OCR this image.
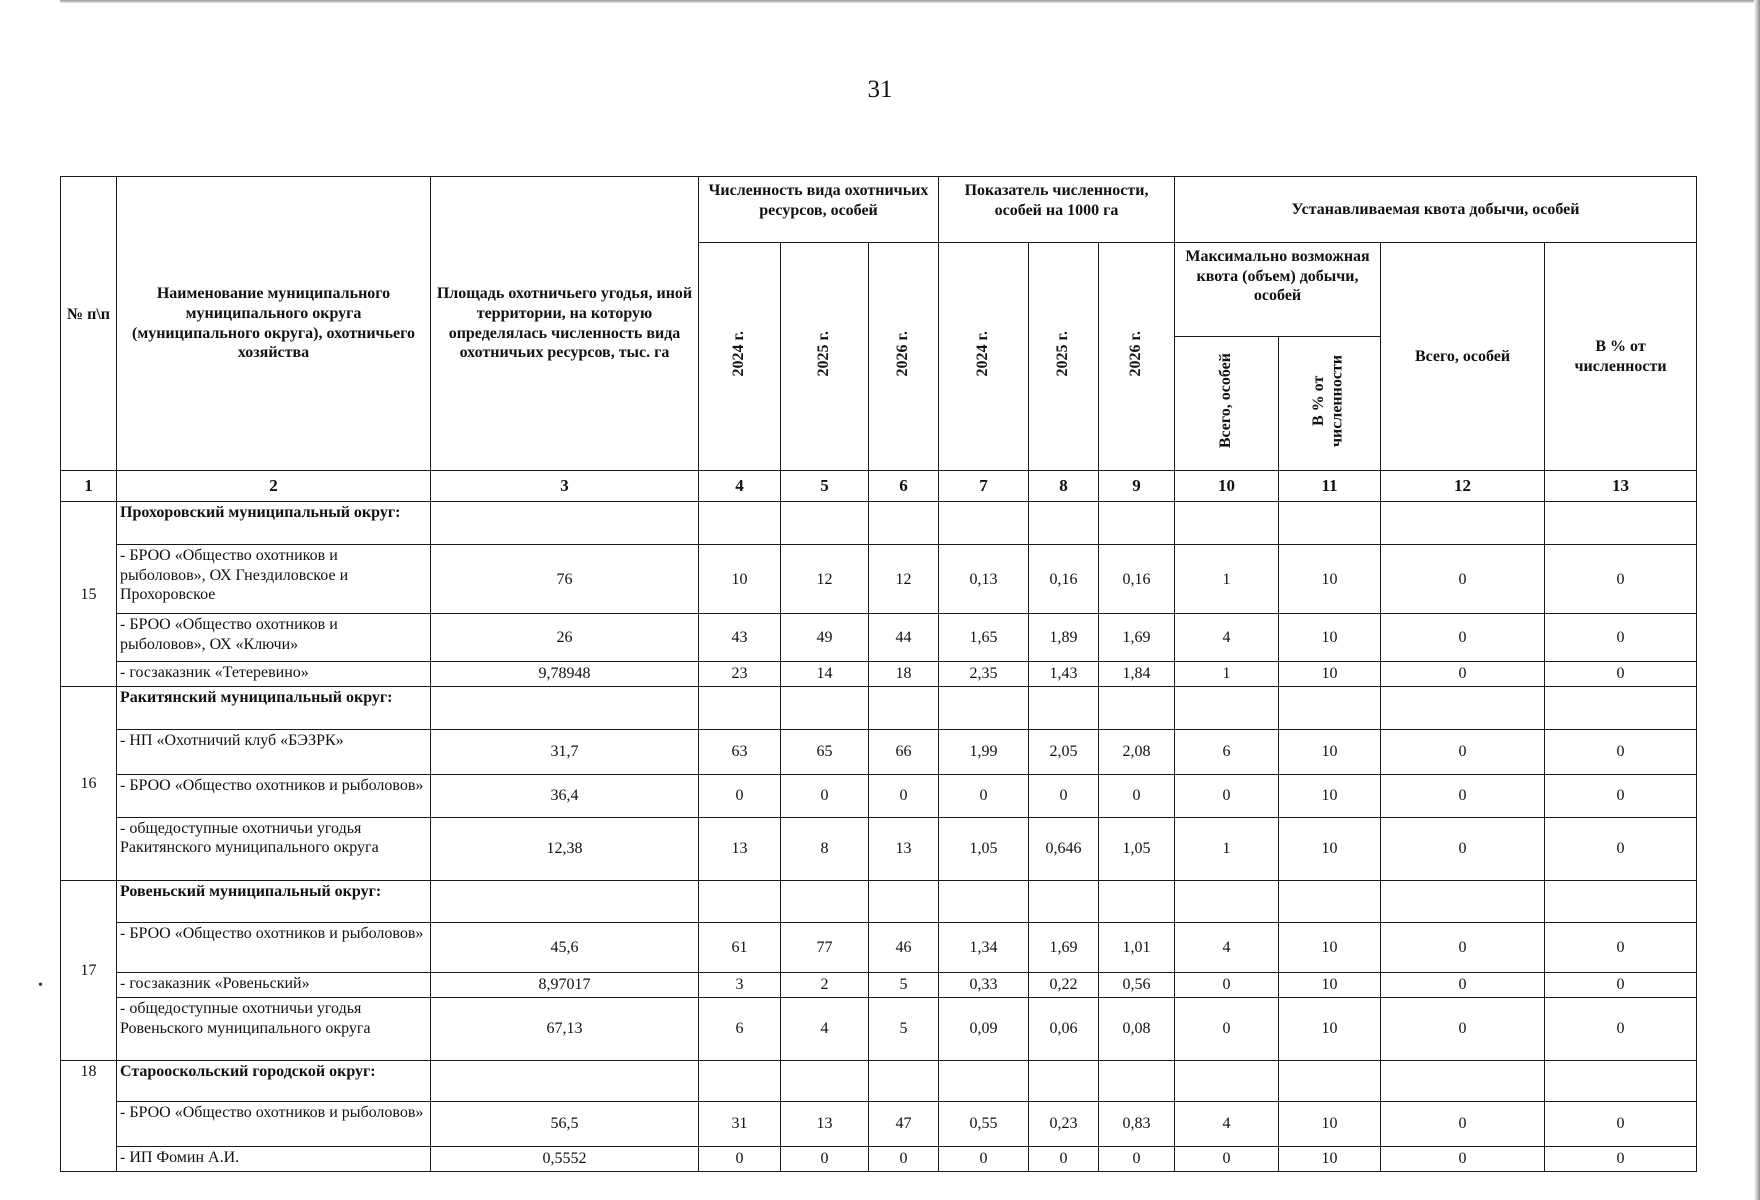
•
31
№ п\п	Наименование муниципального муниципального округа (муниципального округа), охотничьего хозяйства	Площадь охотничьего угодья, иной территории, на которую определялась численность вида охотничьих ресурсов, тыс. га	Численность вида охотничьих ресурсов, особей			Показатель численности, особей на 1000 га			Устанавливаемая квота добычи, особей			
			2024 г.	2025 г.	2026 г.	2024 г.	2025 г.	2026 г.	Максимально возможная квота (объем) добычи, особей		Всего, особей	В % от численности
									Всего, особей	В % от численности		
1	2	3	4	5	6	7	8	9	10	11	12	13
15	Прохоровский муниципальный округ:											
	- БРОО «Общество охотников и рыболовов», ОХ Гнездиловское и Прохоровское	76	10	12	12	0,13	0,16	0,16	1	10	0	0
	- БРОО «Общество охотников и рыболовов», ОХ «Ключи»	26	43	49	44	1,65	1,89	1,69	4	10	0	0
	- госзаказник «Тетеревино»	9,78948	23	14	18	2,35	1,43	1,84	1	10	0	0
16	Ракитянский муниципальный округ:											
	- НП «Охотничий клуб «БЭЗРК»	31,7	63	65	66	1,99	2,05	2,08	6	10	0	0
	- БРОО «Общество охотников и рыболовов»	36,4	0	0	0	0	0	0	0	10	0	0
	- общедоступные охотничьи угодья Ракитянского муниципального округа	12,38	13	8	13	1,05	0,646	1,05	1	10	0	0
17	Ровеньский муниципальный округ:											
	- БРОО «Общество охотников и рыболовов»	45,6	61	77	46	1,34	1,69	1,01	4	10	0	0
	- госзаказник «Ровеньский»	8,97017	3	2	5	0,33	0,22	0,56	0	10	0	0
	- общедоступные охотничьи угодья Ровеньского муниципального округа	67,13	6	4	5	0,09	0,06	0,08	0	10	0	0
18	Старооскольский городской округ:											
	- БРОО «Общество охотников и рыболовов»	56,5	31	13	47	0,55	0,23	0,83	4	10	0	0
	- ИП Фомин А.И.	0,5552	0	0	0	0	0	0	0	10	0	0
